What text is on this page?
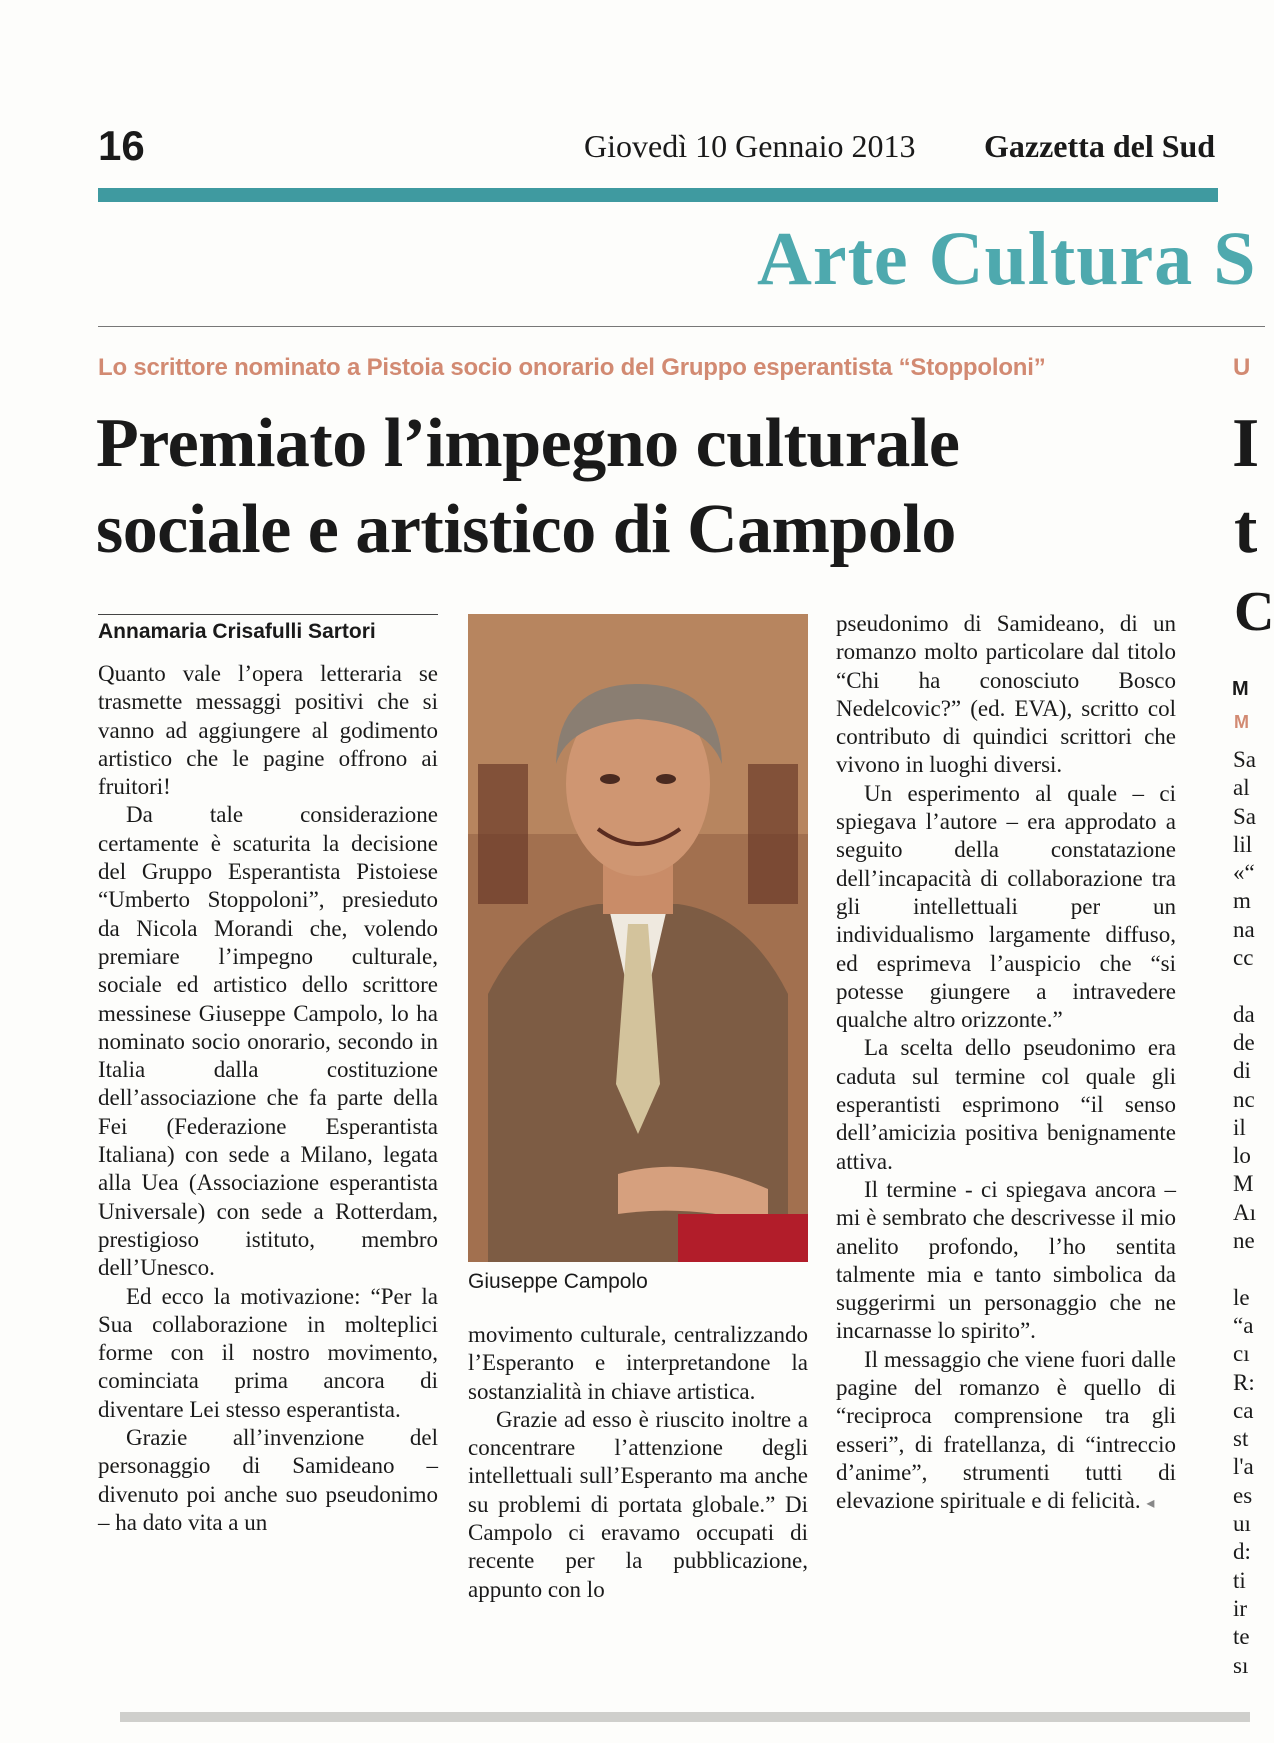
16	Giovedì 10 Gennaio 2013 Gazzetta del Sud
Arte Cultura S
Lo scrittore nominato a Pistoia socio onorario del Gruppo esperantista “Stoppoloni”
Premiato l’impegno culturale
sociale e artistico di Campolo
Annamaria Crisafulli Sartori

Quanto vale l’opera letteraria se trasmette messaggi positivi che si vanno ad aggiungere al godimento artistico che le pagine offrono ai fruitori!

Da tale considerazione certamente è scaturita la decisione del Gruppo Esperantista Pistoiese “Umberto Stoppoloni”, presieduto da Nicola Morandi che, volendo premiare l’impegno culturale, sociale ed artistico dello scrittore messinese Giuseppe Campolo, lo ha nominato socio onorario, secondo in Italia dalla costituzione dell’associazione che fa parte della Fei (Federazione Esperantista Italiana) con sede a Milano, legata alla Uea (Associazione esperantista Universale) con sede a Rotterdam, prestigioso istituto, membro dell’Unesco.

Ed ecco la motivazione: “Per la Sua collaborazione in molteplici forme con il nostro movimento, cominciata prima ancora di diventare Lei stesso esperantista.

Grazie all’invenzione del personaggio di Samideano – divenuto poi anche suo pseudonimo – ha dato vita a un

Giuseppe Campolo

movimento culturale, centralizzando l’Esperanto e interpretandone la sostanzialità in chiave artistica.

Grazie ad esso è riuscito inoltre a concentrare l’attenzione degli intellettuali sull’Esperanto ma anche su problemi di portata globale.” Di Campolo ci eravamo occupati di recente per la pubblicazione, appunto con lo

pseudonimo di Samideano, di un romanzo molto particolare dal titolo “Chi ha conosciuto Bosco Nedelcovic?” (ed. EVA), scritto col contributo di quindici scrittori che vivono in luoghi diversi.

Un esperimento al quale – ci spiegava l’autore – era approdato a seguito della constatazione dell’incapacità di collaborazione tra gli intellettuali per un individualismo largamente diffuso, ed esprimeva l’auspicio che “si potesse giungere a intravedere qualche altro orizzonte.”

La scelta dello pseudonimo era caduta sul termine col quale gli esperantisti esprimono “il senso dell’amicizia positiva benignamente attiva.

Il termine - ci spiegava ancora – mi è sembrato che descrivesse il mio anelito profondo, l’ho sentita talmente mia e tanto simbolica da suggerirmi un personaggio che ne incarnasse lo spirito”.

Il messaggio che viene fuori dalle pagine del romanzo è quello di “reciproca comprensione tra gli esseri”, di fratellanza, di “intreccio d’anime”, strumenti tutti di elevazione spirituale e di felicità. ◂

U
I
t
C
M
M
Sa
al
Sa
lil
«“
m
na
cc

da
de
di
nc
il
lo
M
Aı
ne

le
“a
cı
R:
ca
st
l'a
es
uı
d:
ti
ir
te
sı
